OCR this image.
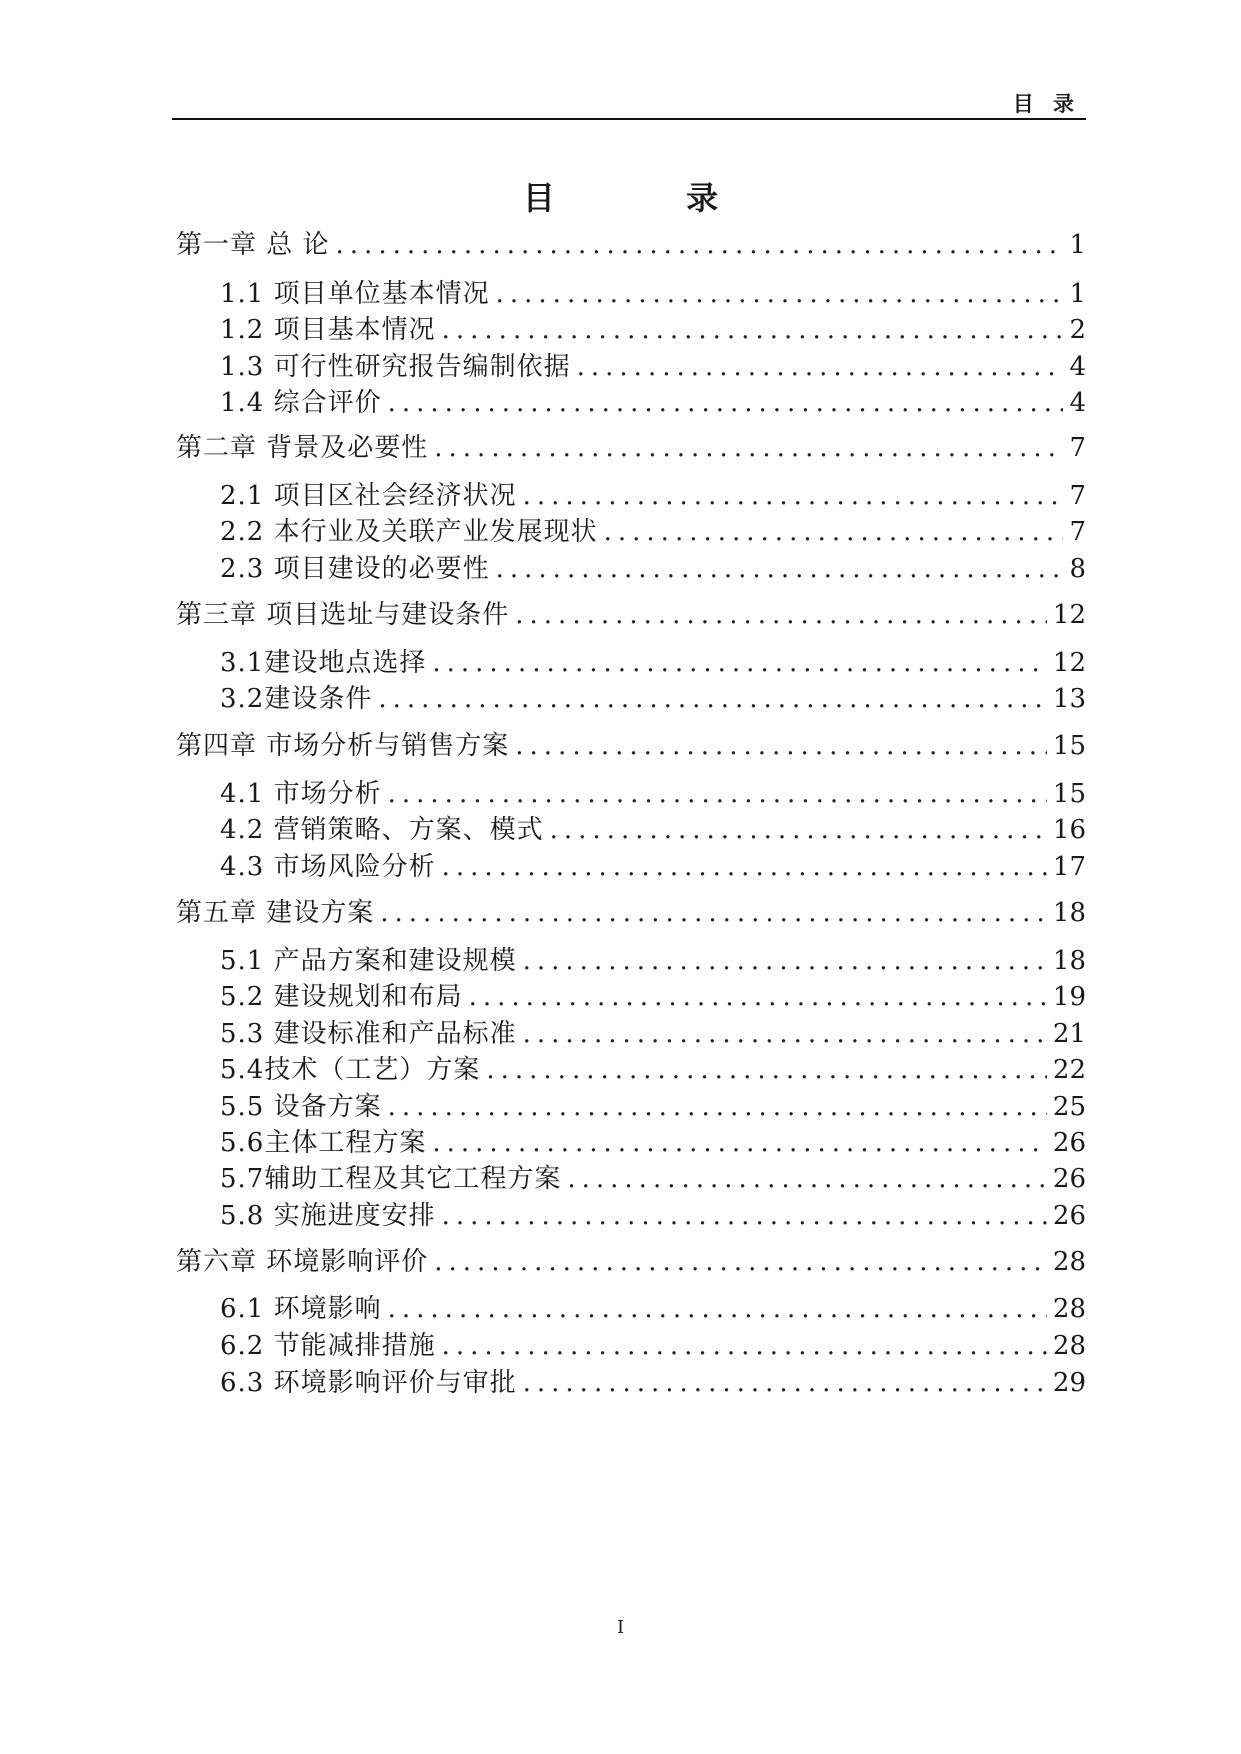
目 录
目 录
第一章 总 论 .....	1
1.1 项目单位基本情况 .....	1
1.2 项目基本情况 .....	2
1.3 可行性研究报告编制依据 .....	4
1.4 综合评价 .....	4
第二章 背景及必要性 .....	7
2.1 项目区社会经济状况 .....	7
2.2 本行业及关联产业发展现状 .....	7
2.3 项目建设的必要性 .....	8
第三章 项目选址与建设条件 .....	12
3.1建设地点选择 .....	12
3.2建设条件 .....	13
第四章 市场分析与销售方案 .....	15
4.1 市场分析 .....	15
4.2 营销策略、方案、模式 .....	16
4.3 市场风险分析 .....	17
第五章 建设方案 .....	18
5.1 产品方案和建设规模 .....	18
5.2 建设规划和布局 .....	19
5.3 建设标准和产品标准 .....	21
5.4技术（工艺）方案 .....	22
5.5 设备方案 .....	25
5.6主体工程方案 .....	26
5.7辅助工程及其它工程方案 .....	26
5.8 实施进度安排 .....	26
第六章 环境影响评价 .....	28
6.1 环境影响 .....	28
6.2 节能减排措施 .....	28
6.3 环境影响评价与审批 .....	29
I
